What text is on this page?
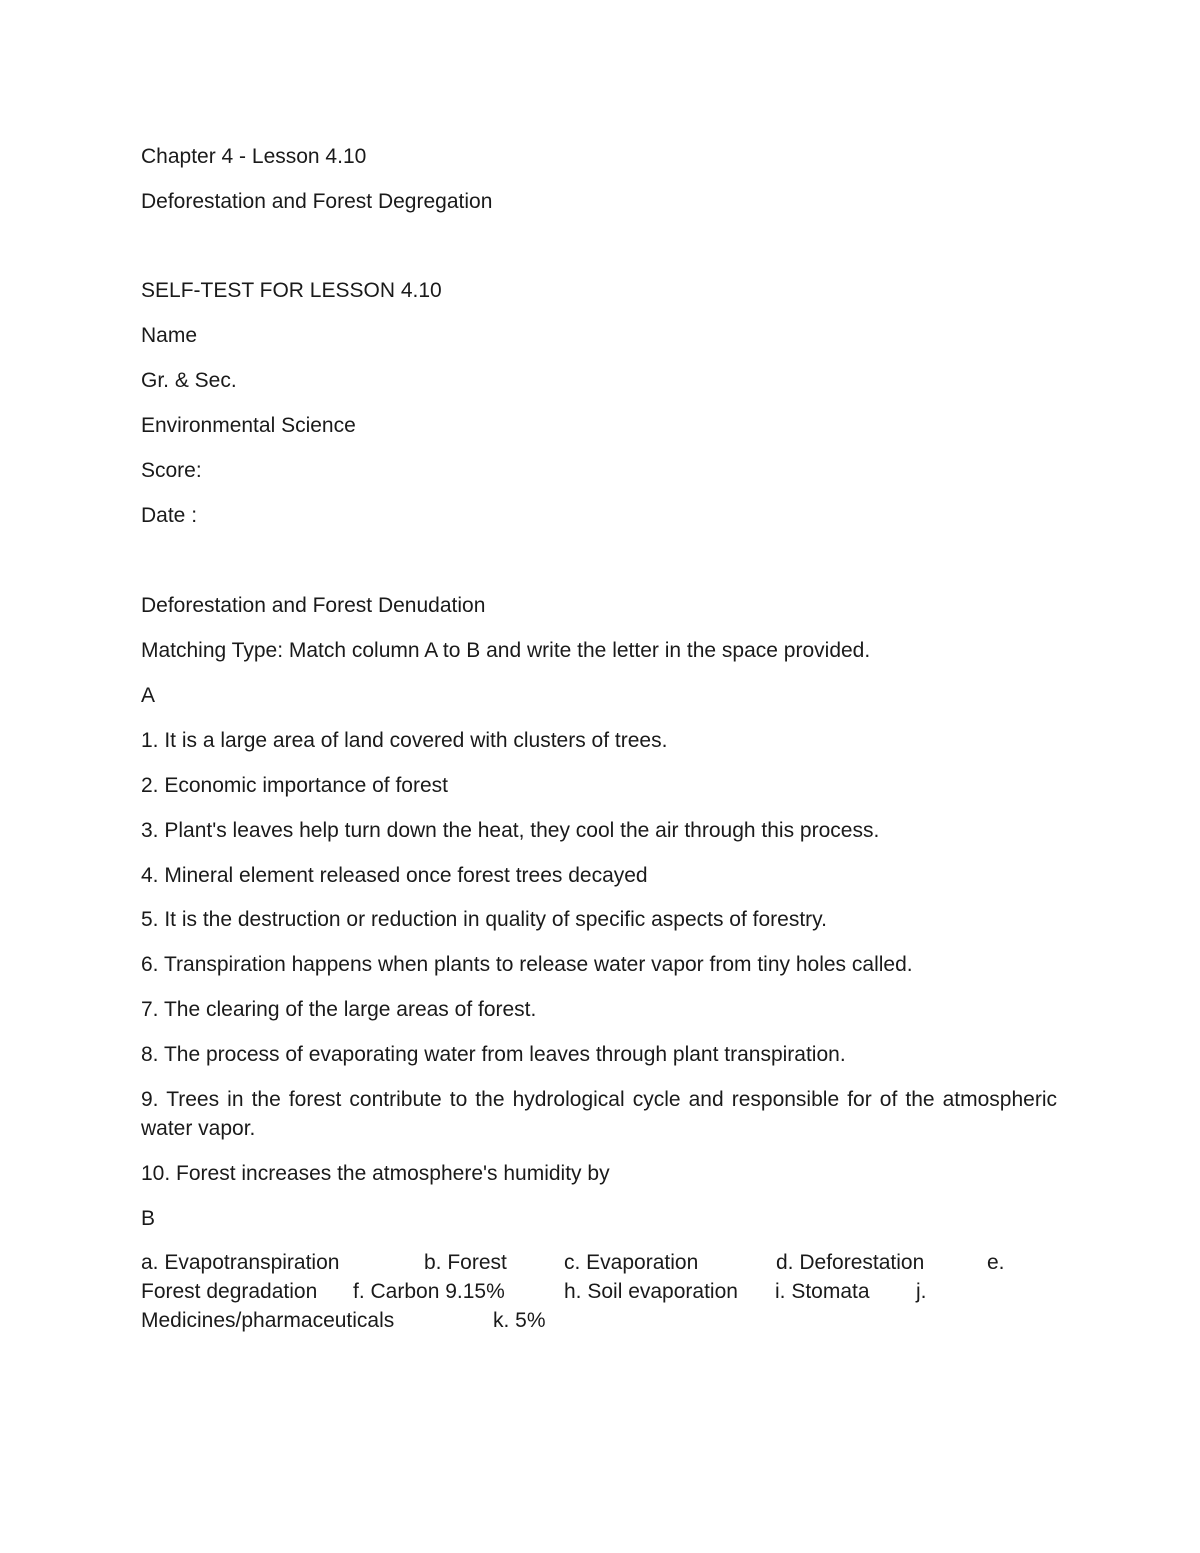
Chapter 4 - Lesson 4.10
Deforestation and Forest Degregation
SELF-TEST FOR LESSON 4.10
Name
Gr. & Sec.
Environmental Science
Score:
Date :
Deforestation and Forest Denudation
Matching Type: Match column A to B and write the letter in the space provided.
A
1. It is a large area of land covered with clusters of trees.
2. Economic importance of forest
3. Plant's leaves help turn down the heat, they cool the air through this process.
4. Mineral element released once forest trees decayed
5. It is the destruction or reduction in quality of specific aspects of forestry.
6. Transpiration happens when plants to release water vapor from tiny holes called.
7. The clearing of the large areas of forest.
8. The process of evaporating water from leaves through plant transpiration.
9. Trees in the forest contribute to the hydrological cycle and responsible for of the atmospheric water vapor.
10. Forest increases the atmosphere's humidity by
B
a. Evapotranspiration	b. Forest	c. Evaporation	d. Deforestation	e.
Forest degradation f. Carbon 9.15%	h. Soil evaporation i. Stomata j.
Medicines/pharmaceuticals	k. 5%
